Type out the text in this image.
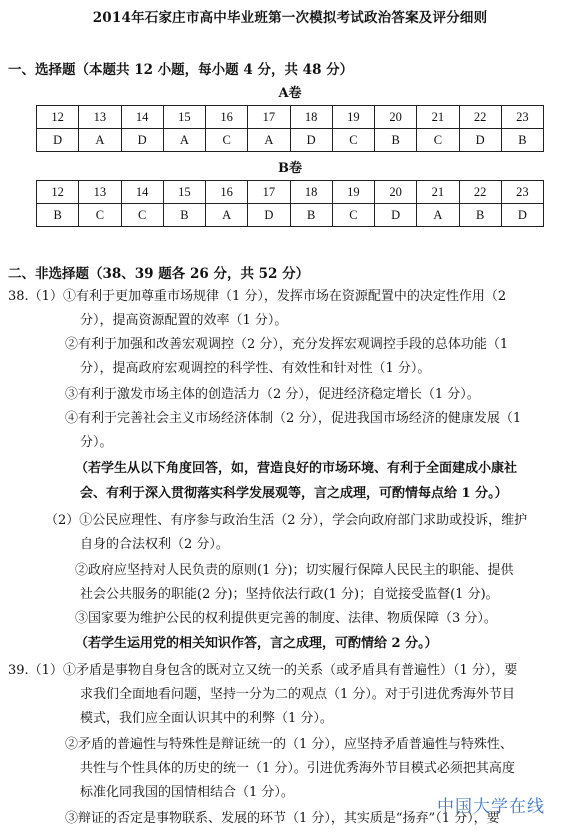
2014年石家庄市高中毕业班第一次模拟考试政治答案及评分细则
一、选择题（本题共 12 小题，每小题 4 分，共 48 分）
A卷
12	13	14	15	16	17	18	19	20	21	22	23
D	A	D	A	C	A	D	C	B	C	D	B
B卷
12	13	14	15	16	17	18	19	20	21	22	23
B	C	C	B	A	D	B	C	D	A	B	D
二、非选择题（38、39 题各 26 分，共 52 分）
38.（1）①有利于更加尊重市场规律（1 分），发挥市场在资源配置中的决定性作用（2
分），提高资源配置的效率（1 分）。
②有利于加强和改善宏观调控（2 分），充分发挥宏观调控手段的总体功能（1
分），提高政府宏观调控的科学性、有效性和针对性（1 分）。
③有利于激发市场主体的创造活力（2 分），促进经济稳定增长（1 分）。
④有利于完善社会主义市场经济体制（2 分），促进我国市场经济的健康发展（1
分）。
（若学生从以下角度回答，如，营造良好的市场环境、有利于全面建成小康社
会、有利于深入贯彻落实科学发展观等，言之成理，可酌情每点给 1 分。）
（2）①公民应理性、有序参与政治生活（2 分），学会向政府部门求助或投诉，维护
自身的合法权利（2 分）。
②政府应坚持对人民负责的原则(1 分)；切实履行保障人民民主的职能、提供
社会公共服务的职能(2 分)；坚持依法行政(1 分)；自觉接受监督(1 分)。
③国家要为维护公民的权利提供更完善的制度、法律、物质保障（3 分）。
（若学生运用党的相关知识作答，言之成理，可酌情给 2 分。）
39.（1）①矛盾是事物自身包含的既对立又统一的关系（或矛盾具有普遍性）（1 分），要
求我们全面地看问题，坚持一分为二的观点（1 分）。对于引进优秀海外节目
模式，我们应全面认识其中的利弊（1 分）。
②矛盾的普遍性与特殊性是辩证统一的（1 分），应坚持矛盾普遍性与特殊性、
共性与个性具体的历史的统一（1 分）。引进优秀海外节目模式必须把其高度
标准化同我国的国情相结合（1 分）。
③辩证的否定是事物联系、发展的环节（1 分），其实质是“扬弃”（1 分），要
中国大学在线
